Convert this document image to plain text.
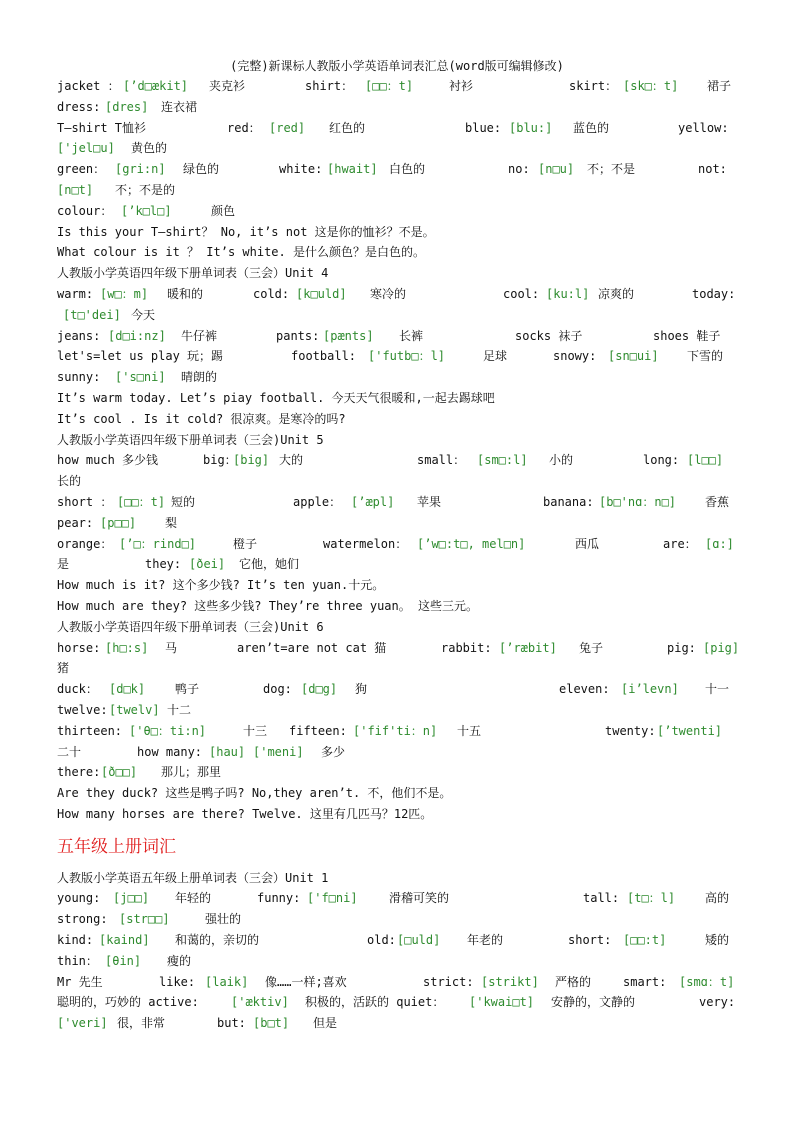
(完整)新课标人教版小学英语单词表汇总(word版可编辑修改)
jacket ： [’d□ækit] 夹克衫	shirt： [□□：t]	衬衫	skirt： [sk□：t] 裙子
dress: [dres] 连衣裙
T—shirt T恤衫	red： [red] 红色的	blue: [blu:] 蓝色的	yellow:
['jel□u] 黄色的
green： [gri:n] 绿色的	white: [hwait] 白色的	no: [n□u] 不；不是	not:
[n□t] 不；不是的
colour： [’k□l□]	颜色
Is this your T—shirt？ No, it’s not 这是你的恤衫？不是。
What colour is it ？ It’s white. 是什么颜色？是白色的。
人教版小学英语四年级下册单词表（三会）Unit 4
warm: [w□：m] 暖和的	cold: [k□uld] 寒冷的	cool: [ku:l] 凉爽的	today:
[t□'dei] 今天
jeans: [d□i:nz] 牛仔裤	pants: [pænts] 长裤	socks 袜子	shoes 鞋子
let's=let us play 玩；踢	football: ['futb□：l]	足球	snowy: [sn□ui] 下雪的
sunny: ['s□ni] 晴朗的
It’s warm today. Let’s piay football. 今天天气很暖和,一起去踢球吧
It’s cool . Is it cold? 很凉爽。是寒冷的吗?
人教版小学英语四年级下册单词表（三会)Unit 5
how much 多少钱	big：
[big] 大的	small： [sm□:l] 小的	long: [l□□]
长的
short ： [□□：t] 短的	apple： [’æpl] 苹果	banana: [b□'nɑ：n□] 香蕉
pear: [p□□] 梨
orange： [’□：rind□]	橙子	watermelon： [’w□:t□, mel□n]	西瓜	are： [ɑ:]
是	they: [ðei] 它他，她们
How much is it? 这个多少钱? It’s ten yuan.十元。
How much are they? 这些多少钱? They’re three yuan。 这些三元。
人教版小学英语四年级下册单词表（三会)Unit 6
horse: [h□:s] 马	aren’t=are not cat 猫	rabbit: [’ræbit] 兔子	pig: [pig]
猪
duck： [d□k] 鸭子	dog: [d□g] 狗	eleven: [i’levn] 十一
twelve: [twelv] 十二
thirteen: ['θ□：ti:n]	十三 fifteen: ['fif'ti：n] 十五	twenty: [’twenti]
二十	how many: [hau] ['meni] 多少
there: [ð□□] 那儿；那里
Are they duck? 这些是鸭子吗? No,they aren’t. 不，他们不是。
How many horses are there? Twelve. 这里有几匹马？12匹。
五年级上册词汇
人教版小学英语五年级上册单词表（三会）Unit 1
young: [j□□] 年轻的	funny: ['f□ni]	滑稽可笑的	tall: [t□：l] 高的
strong: [str□□]	强壮的
kind: [kaind] 和蔼的，亲切的	old: [□uld] 年老的	short: [□□:t]	矮的
thin： [θin] 瘦的
Mr 先生	like: [laik] 像……一样;喜欢	strict: [strikt] 严格的	smart: [smɑ：t]
聪明的，巧妙的 active:	['æktiv] 积极的，活跃的 quiet： ['kwai□t] 安静的，文静的	very:
['veri] 很，非常	but: [b□t] 但是
